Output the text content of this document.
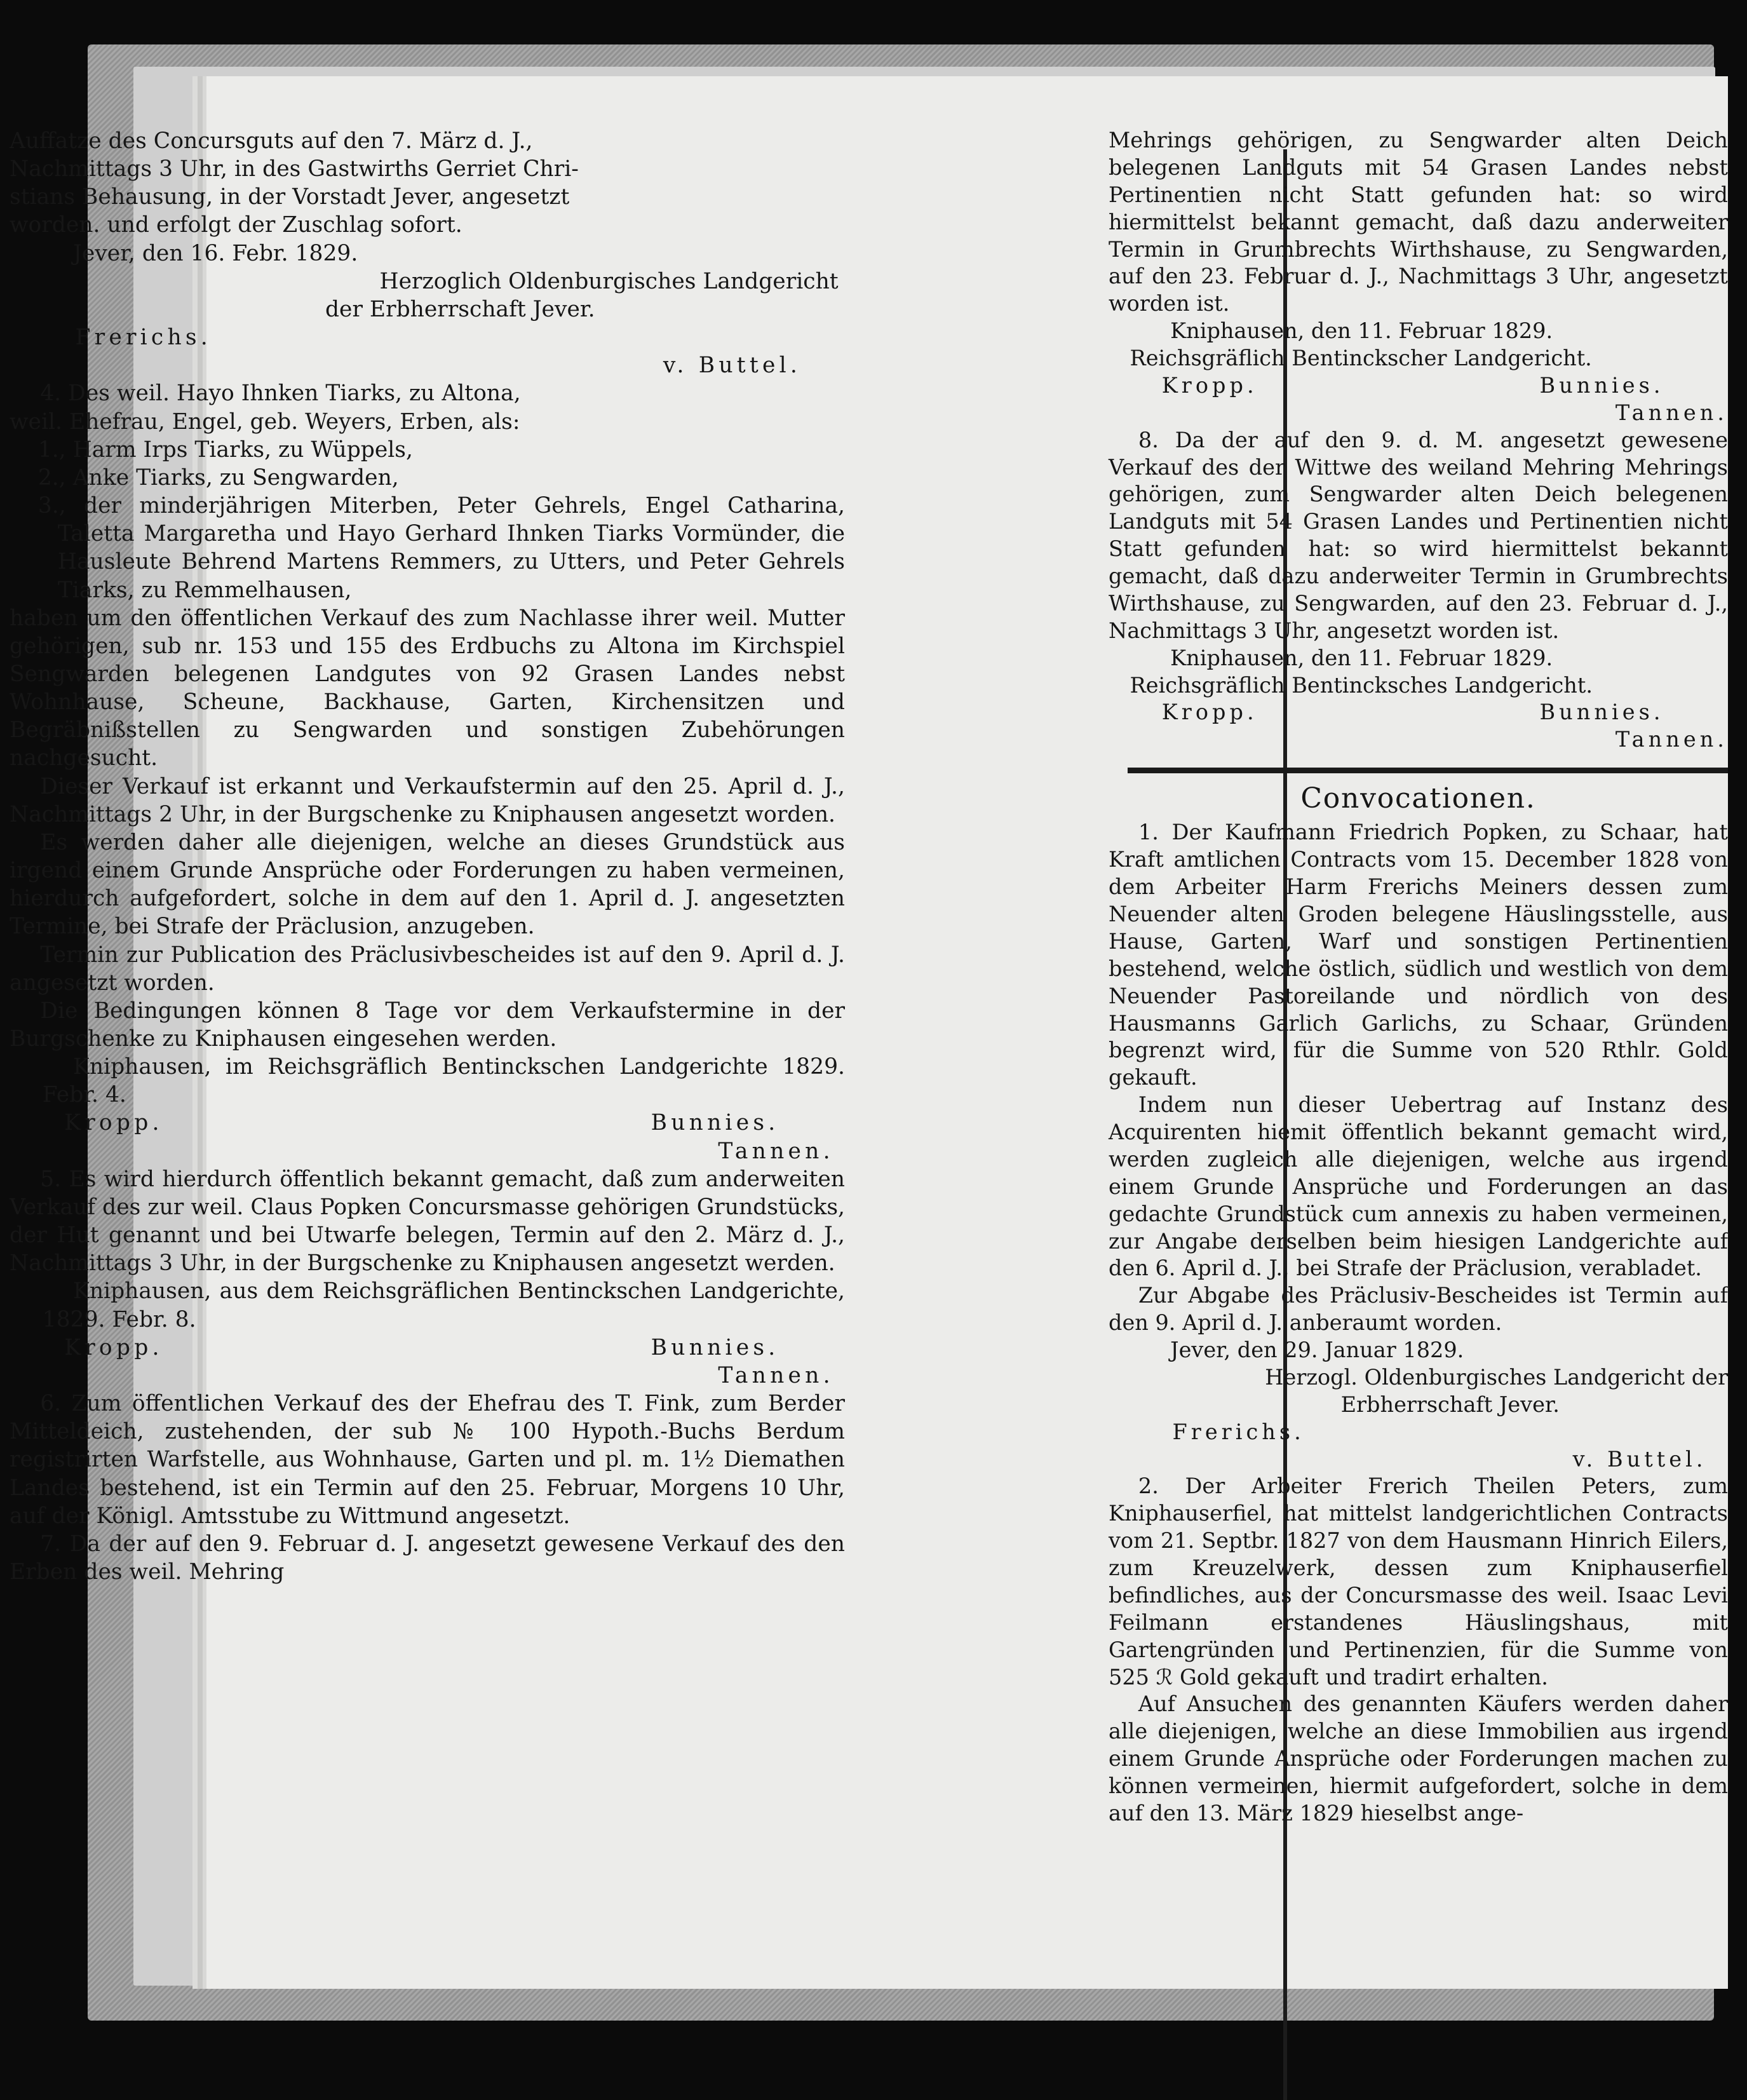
Auffatze des Concursguts auf den 7. März d. J.,

Nachmittags 3 Uhr, in des Gastwirths Gerriet Chri-

stians Behausung, in der Vorstadt Jever, angesetzt

worden. und erfolgt der Zuschlag sofort.

Jever, den 16. Febr. 1829.

Herzoglich Oldenburgisches Landgericht

der Erbherrschaft Jever.

Frerichs.

v. Buttel.

4. Des weil. Hayo Ihnken Tiarks, zu Altona,

weil. Ehefrau, Engel, geb. Weyers, Erben, als:

1., Harm Irps Tiarks, zu Wüppels,

2., Anke Tiarks, zu Sengwarden,

3., der minderjährigen Miterben, Peter Gehrels, Engel Catharina, Taletta Margaretha und Hayo Gerhard Ihnken Tiarks Vormünder, die Hausleute Behrend Martens Remmers, zu Utters, und Peter Gehrels Tiarks, zu Remmelhausen,

haben um den öffentlichen Verkauf des zum Nachlasse ihrer weil. Mutter gehörigen, sub nr. 153 und 155 des Erdbuchs zu Altona im Kirchspiel Sengwarden belegenen Landgutes von 92 Grasen Landes nebst Wohnhause, Scheune, Backhause, Garten, Kirchensitzen und Begräbnißstellen zu Sengwarden und sonstigen Zubehörungen nachgesucht.

Dieser Verkauf ist erkannt und Verkaufstermin auf den 25. April d. J., Nachmittags 2 Uhr, in der Burgschenke zu Kniphausen angesetzt worden.

Es werden daher alle diejenigen, welche an dieses Grundstück aus irgend einem Grunde Ansprüche oder Forderungen zu haben vermeinen, hierdurch aufgefordert, solche in dem auf den 1. April d. J. angesetzten Termine, bei Strafe der Präclusion, anzugeben.

Termin zur Publication des Präclusivbescheides ist auf den 9. April d. J. angesetzt worden.

Die Bedingungen können 8 Tage vor dem Verkaufstermine in der Burgschenke zu Kniphausen eingesehen werden.

Kniphausen, im Reichsgräflich Bentinckschen Landgerichte 1829. Febr. 4.

Kropp.	Bunnies.

Tannen.

5. Es wird hierdurch öffentlich bekannt gemacht, daß zum anderweiten Verkauf des zur weil. Claus Popken Concursmasse gehörigen Grundstücks, der Hut genannt und bei Utwarfe belegen, Termin auf den 2. März d. J., Nachmittags 3 Uhr, in der Burgschenke zu Kniphausen angesetzt werden.

Kniphausen, aus dem Reichsgräflichen Bentinckschen Landgerichte, 1829. Febr. 8.

Kropp.	Bunnies.

Tannen.

6. Zum öffentlichen Verkauf des der Ehefrau des T. Fink, zum Berder Mitteldeich, zustehenden, der sub № 100 Hypoth.-Buchs Berdum registrirten Warfstelle, aus Wohnhause, Garten und pl. m. 1½ Diemathen Landes bestehend, ist ein Termin auf den 25. Februar, Morgens 10 Uhr, auf der Königl. Amtsstube zu Wittmund angesetzt.

7. Da der auf den 9. Februar d. J. angesetzt gewesene Verkauf des den Erben des weil. Mehring

Mehrings gehörigen, zu Sengwarder alten Deich belegenen Landguts mit 54 Grasen Landes nebst Pertinentien nicht Statt gefunden hat: so wird hiermittelst bekannt gemacht, daß dazu anderweiter Termin in Grumbrechts Wirthshause, zu Sengwarden, auf den 23. Februar d. J., Nachmittags 3 Uhr, angesetzt worden ist.

Kniphausen, den 11. Februar 1829.

Reichsgräflich Bentinckscher Landgericht.

Kropp.	Bunnies.

Tannen.

8. Da der auf den 9. d. M. angesetzt gewesene Verkauf des der Wittwe des weiland Mehring Mehrings gehörigen, zum Sengwarder alten Deich belegenen Landguts mit 54 Grasen Landes und Pertinentien nicht Statt gefunden hat: so wird hiermittelst bekannt gemacht, daß dazu anderweiter Termin in Grumbrechts Wirthshause, zu Sengwarden, auf den 23. Februar d. J., Nachmittags 3 Uhr, angesetzt worden ist.

Kniphausen, den 11. Februar 1829.

Reichsgräflich Bentincksches Landgericht.

Kropp.	Bunnies.

Tannen.

Convocationen.

1. Der Kaufmann Friedrich Popken, zu Schaar, hat Kraft amtlichen Contracts vom 15. December 1828 von dem Arbeiter Harm Frerichs Meiners dessen zum Neuender alten Groden belegene Häuslingsstelle, aus Hause, Garten, Warf und sonstigen Pertinentien bestehend, welche östlich, südlich und westlich von dem Neuender Pastoreilande und nördlich von des Hausmanns Garlich Garlichs, zu Schaar, Gründen begrenzt wird, für die Summe von 520 Rthlr. Gold gekauft.

Indem nun dieser Uebertrag auf Instanz des Acquirenten hiemit öffentlich bekannt gemacht wird, werden zugleich alle diejenigen, welche aus irgend einem Grunde Ansprüche und Forderungen an das gedachte Grundstück cum annexis zu haben vermeinen, zur Angabe derselben beim hiesigen Landgerichte auf den 6. April d. J., bei Strafe der Präclusion, verabladet.

Zur Abgabe des Präclusiv-Bescheides ist Termin auf den 9. April d. J. anberaumt worden.

Jever, den 29. Januar 1829.

Herzogl. Oldenburgisches Landgericht der

Erbherrschaft Jever.

Frerichs.

v. Buttel.

2. Der Arbeiter Frerich Theilen Peters, zum Kniphauserfiel, hat mittelst landgerichtlichen Contracts vom 21. Septbr. 1827 von dem Hausmann Hinrich Eilers, zum Kreuzelwerk, dessen zum Kniphauserfiel befindliches, aus der Concursmasse des weil. Isaac Levi Feilmann erstandenes Häuslingshaus, mit Gartengründen und Pertinenzien, für die Summe von 525 ℛ Gold gekauft und tradirt erhalten.

Auf Ansuchen des genannten Käufers werden daher alle diejenigen, welche an diese Immobilien aus irgend einem Grunde Ansprüche oder Forderungen machen zu können vermeinen, hiermit aufgefordert, solche in dem auf den 13. März 1829 hieselbst ange-
